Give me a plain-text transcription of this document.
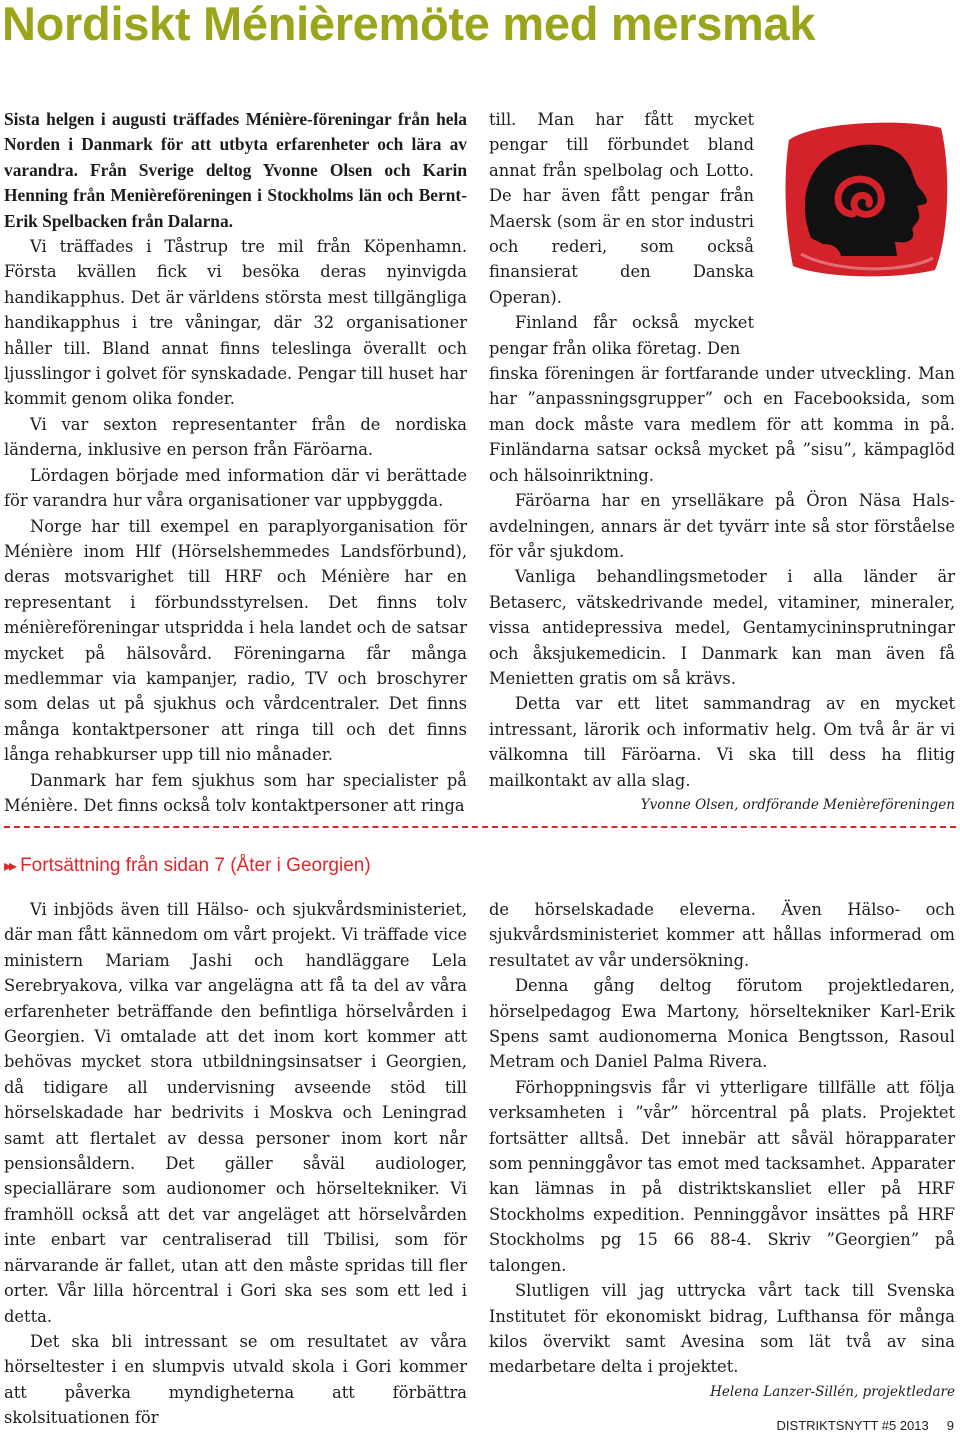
Nordiskt Ménièremöte med mersmak

Sista helgen i augusti träffades Ménière-föreningar från hela Norden i Danmark för att utbyta erfarenheter och lära av varandra. Från Sverige deltog Yvonne Olsen och Karin Henning från Menièreföreningen i Stockholms län och Bernt-Erik Spelbacken från Dalarna.

Vi träffades i Tåstrup tre mil från Köpenhamn. Första kvällen fick vi besöka deras nyinvigda handikapphus. Det är världens största mest tillgängliga handikapphus i tre våningar, där 32 organisationer håller till. Bland annat finns teleslinga överallt och ljusslingor i golvet för synskadade. Pengar till huset har kommit genom olika fonder.

Vi var sexton representanter från de nordiska länderna, inklusive en person från Färöarna.

Lördagen började med information där vi berättade för varandra hur våra organisationer var uppbyggda.

Norge har till exempel en paraplyorganisation för Ménière inom Hlf (Hörselshemmedes Landsförbund), deras motsvarighet till HRF och Ménière har en representant i förbundsstyrelsen. Det finns tolv ménièreföreningar utspridda i hela landet och de satsar mycket på hälsovård. Föreningarna får många medlemmar via kampanjer, radio, TV och broschyrer som delas ut på sjukhus och vårdcentraler. Det finns många kontaktpersoner att ringa till och det finns långa rehabkurser upp till nio månader.

Danmark har fem sjukhus som har specialister på Ménière. Det finns också tolv kontaktpersoner att ringa

till. Man har fått mycket pengar till förbundet bland annat från spelbolag och Lotto. De har även fått pengar från Maersk (som är en stor industri och rederi, som också finansierat den Danska Operan).

Finland får också mycket pengar från olika företag. Den

finska föreningen är fortfarande under utveckling. Man har ”anpassningsgrupper” och en Facebooksida, som man dock måste vara medlem för att komma in på. Finländarna satsar också mycket på ”sisu”, kämpaglöd och hälsoinriktning.

Färöarna har en yrselläkare på Öron Näsa Hals-avdelningen, annars är det tyvärr inte så stor förståelse för vår sjukdom.

Vanliga behandlingsmetoder i alla länder är Betaserc, vätskedrivande medel, vitaminer, mineraler, vissa antidepressiva medel, Gentamycininsprutningar och åksjukemedicin. I Danmark kan man även få Menietten gratis om så krävs.

Detta var ett litet sammandrag av en mycket intressant, lärorik och informativ helg. Om två år är vi välkomna till Färöarna. Vi ska till dess ha flitig mailkontakt av alla slag.

Yvonne Olsen, ordförande Menièreföreningen

▸▸ Fortsättning från sidan 7 (Åter i Georgien)

Vi inbjöds även till Hälso- och sjukvårdsministeriet, där man fått kännedom om vårt projekt. Vi träffade vice ministern Mariam Jashi och handläggare Lela Serebryakova, vilka var angelägna att få ta del av våra erfarenheter beträffande den befintliga hörselvården i Georgien. Vi omtalade att det inom kort kommer att behövas mycket stora utbildningsinsatser i Georgien, då tidigare all undervisning avseende stöd till hörselskadade har bedrivits i Moskva och Leningrad samt att flertalet av dessa personer inom kort når pensionsåldern. Det gäller såväl audiologer, speciallärare som audionomer och hörseltekniker. Vi framhöll också att det var angeläget att hörselvården inte enbart var centraliserad till Tbilisi, som för närvarande är fallet, utan att den måste spridas till fler orter. Vår lilla hörcentral i Gori ska ses som ett led i detta.

Det ska bli intressant se om resultatet av våra hörseltester i en slumpvis utvald skola i Gori kommer att påverka myndigheterna att förbättra skolsituationen för

de hörselskadade eleverna. Även Hälso- och sjukvårdsministeriet kommer att hållas informerad om resultatet av vår undersökning.

Denna gång deltog förutom projektledaren, hörselpedagog Ewa Martony, hörseltekniker Karl-Erik Spens samt audionomerna Monica Bengtsson, Rasoul Metram och Daniel Palma Rivera.

Förhoppningsvis får vi ytterligare tillfälle att följa verksamheten i ”vår” hörcentral på plats. Projektet fortsätter alltså. Det innebär att såväl hörapparater som penninggåvor tas emot med tacksamhet. Apparater kan lämnas in på distriktskansliet eller på HRF Stockholms expedition. Penninggåvor insättes på HRF Stockholms pg 15 66 88-4. Skriv ”Georgien” på talongen.

Slutligen vill jag uttrycka vårt tack till Svenska Institutet för ekonomiskt bidrag, Lufthansa för många kilos övervikt samt Avesina som lät två av sina medarbetare delta i projektet.

Helena Lanzer-Sillén, projektledare

DISTRIKTSNYTT #5 2013 9
